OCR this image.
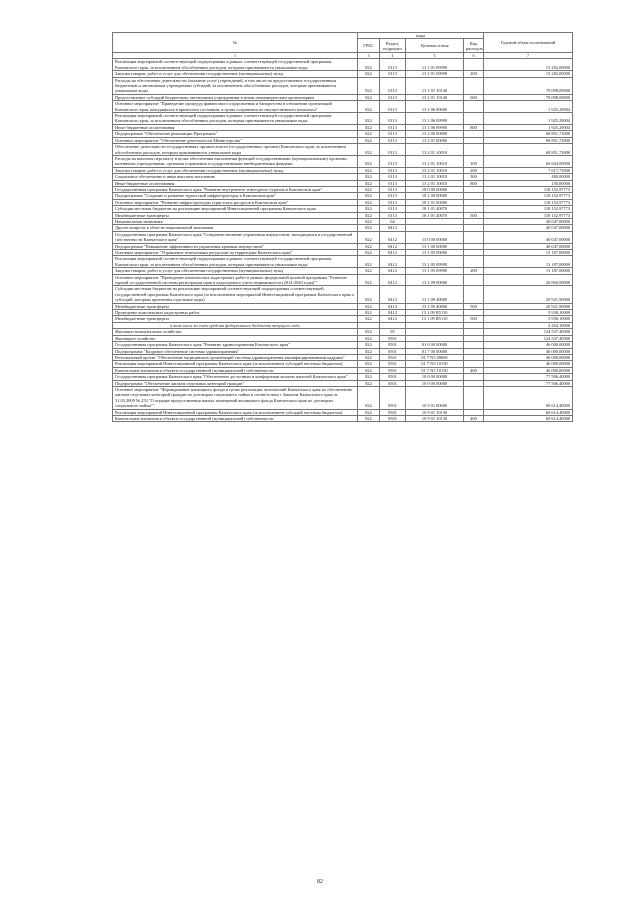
№	коды				Годовой объем ассигнований
	ГРБС	Раздел, подраздел	Целевая статья	Вид расходов	
1	3	4	5	6	7
Реализация мероприятий соответствующей подпрограммы в рамках соответствующей государственной программы Камчатского края, за исключением обособленных расходов, которым присваиваются уникальные коды	822	0113	13 1 01 09990		13 282,00000
Закупка товаров, работ и услуг для обеспечения государственных (муниципальных) нужд	822	0113	13 1 01 09990	200	13 282,00000
Расходы на обеспечение деятельности (оказание услуг) учреждений, в том числе на предоставление государственным бюджетным и автономным учреждениям субсидий, за исключением обособленных расходов, которым присваиваются уникальные коды	822	0113	13 1 01 10140		70 098,09000
Предоставление субсидий бюджетным, автономным учреждениям и иным некоммерческим организациям	822	0113	13 1 01 10140	600	70 098,09000
Основное мероприятие "Приведение процедур финансового оздоровления и банкротства в отношении организаций Камчатского края, находящихся в кризисном состоянии, в целях сохранения их имущественного комплекса"	822	0113	13 1 06 00000		1 925,29004
Реализация мероприятий соответствующей подпрограммы в рамках соответствующей государственной программы Камчатского края, за исключением обособленных расходов, которым присваиваются уникальные коды	822	0113	13 1 06 09990		1 925,29004
Иные бюджетные ассигнования	822	0113	13 1 06 09990	800	1 925,29004
Подпрограмма "Обеспечение реализации Программы"	822	0113	13 2 00 00000		68 851,73000
Основное мероприятие "Обеспечение деятельности Министерства"	822	0113	13 2 01 00000		68 851,73000
Обеспечение деятельности государственных органов власти (государственных органов) Камчатского края, за исключением обособленных расходов, которым присваиваются уникальные коды	822	0113	13 2 01 10010		68 851,73000
Расходы на выплаты персоналу в целях обеспечения выполнения функций государственными (муниципальными) органами, казенными учреждениями, органами управления государственными внебюджетными фондами	822	0113	13 2 01 10010	100	60 604,00000
Закупка товаров, работ и услуг для обеспечения государственных (муниципальных) нужд	822	0113	13 2 01 10010	200	7 617,73000
Социальное обеспечение и иные выплаты населению	822	0113	13 2 01 10010	300	480,00000
Иные бюджетные ассигнования	822	0113	13 2 01 10010	800	150,00000
Государственная программа Камчатского края "Развитие внутреннего и въездного туризма в Камчатском крае"	822	0113	18 0 00 00000		118 152,97773
Подпрограмма "Создание и развитие туристской инфраструктуры в Камчатском крае"	822	0113	18 1 00 00000		118 152,97773
Основное мероприятие "Развитие инфраструктуры туристских ресурсов в Камчатском крае"	822	0113	18 1 01 00000		118 152,97773
Субсидии местным бюджетам на реализацию мероприятий Инвестиционной программы Камчатского края	822	0113	18 1 01 40070		118 152,97773
Межбюджетные трансферты	822	0113	18 1 01 40070	500	118 152,97773
Национальная экономика	822	04			40 047,00000
Другие вопросы в области национальной экономики	822	0412			40 047,00000
Государственная программа Камчатского края "Совершенствование управления имуществом, находящимся в государственной собственности Камчатского края"	822	0412	13 0 00 00000		40 047,00000
Подпрограмма "Повышение эффективности управления краевым имуществом"	822	0412	13 1 00 00000		40 047,00000
Основное мероприятие "Управление земельными ресурсами на территории Камчатского края"	822	0412	13 1 05 00000		13 187,00000
Реализация мероприятий соответствующей подпрограммы в рамках соответствующей государственной программы Камчатского края, за исключением обособленных расходов, которым присваиваются уникальные коды	822	0412	13 1 05 09990		13 187,00000
Закупка товаров, работ и услуг для обеспечения государственных (муниципальных) нужд	822	0412	13 1 05 09990	200	13 187,00000
Основное мероприятие "Проведение комплексных кадастровых работ в рамках федеральной целевой программы "Развитие единой государственной системы регистрации прав и кадастрового учета недвижимости (2014-2020 годы)""	822	0412	13 1 09 00000		26 860,00000
Субсидии местным бюджетам на реализацию мероприятий соответствующей подпрограммы соответствующей государственной программы Камчатского края (за исключением мероприятий Инвестиционной программы Камчатского края и субсидий, которым присвоены отдельные коды)	822	0412	13 1 09 40000		20 921,90000
Межбюджетные трансферты	822	0412	13 1 09 40000	500	20 921,90000
Проведение комплексных кадастровых работ	822	0412	13 1 09 R5110		5 938,10000
Межбюджетные трансферты	822	0412	13 1 09 R5110	500	5 938,10000
в том числе за счет средств федерального бюджета текущего года					2 264,10000
Жилищно-коммунальное хозяйство	822	05			124 537,40000
Жилищное хозяйство	822	0501			124 537,40000
Государственная программа Камчатского края "Развитие здравоохранения Камчатского края"	822	0501	01 0 00 00000		46 000,00000
Подпрограмма "Кадровое обеспечение системы здравоохранения"	822	0501	01 7 00 00000		46 000,00000
Региональный проект "Обеспечение медицинских организаций системы здравоохранения квалифицированными кадрами"	822	0501	01 7 N5 00000		46 000,00000
Реализация мероприятий Инвестиционной программы Камчатского края (за исключением субсидий местным бюджетам)	822	0501	01 7 N5 10130		46 000,00000
Капитальные вложения в объекты государственной (муниципальной) собственности	822	0501	01 7 N5 10130	400	46 000,00000
Государственная программа Камчатского края "Обеспечение доступным и комфортным жильем жителей Камчатского края"	822	0501	10 0 00 00000		77 506,40000
Подпрограмма "Обеспечение жильем отдельных категорий граждан"	822	0501	10 9 00 00000		77 506,40000
Основное мероприятие "Формирование жилищного фонда в целях реализации полномочий Камчатского края по обеспечению жильем отдельных категорий граждан по договорам социального найма в соответствии с Законом Камчатского края от 31.03.2009 № 253 "О порядке предоставления жилых помещений жилищного фонда Камчатского края по договорам социального найма""	822	0501	10 9 01 00000		60 614,40000
Реализация мероприятий Инвестиционной программы Камчатского края (за исключением субсидий местным бюджетам)	822	0501	10 9 01 10130		60 614,40000
Капитальные вложения в объекты государственной (муниципальной) собственности	822	0501	10 9 01 10130	400	60 614,40000
82
